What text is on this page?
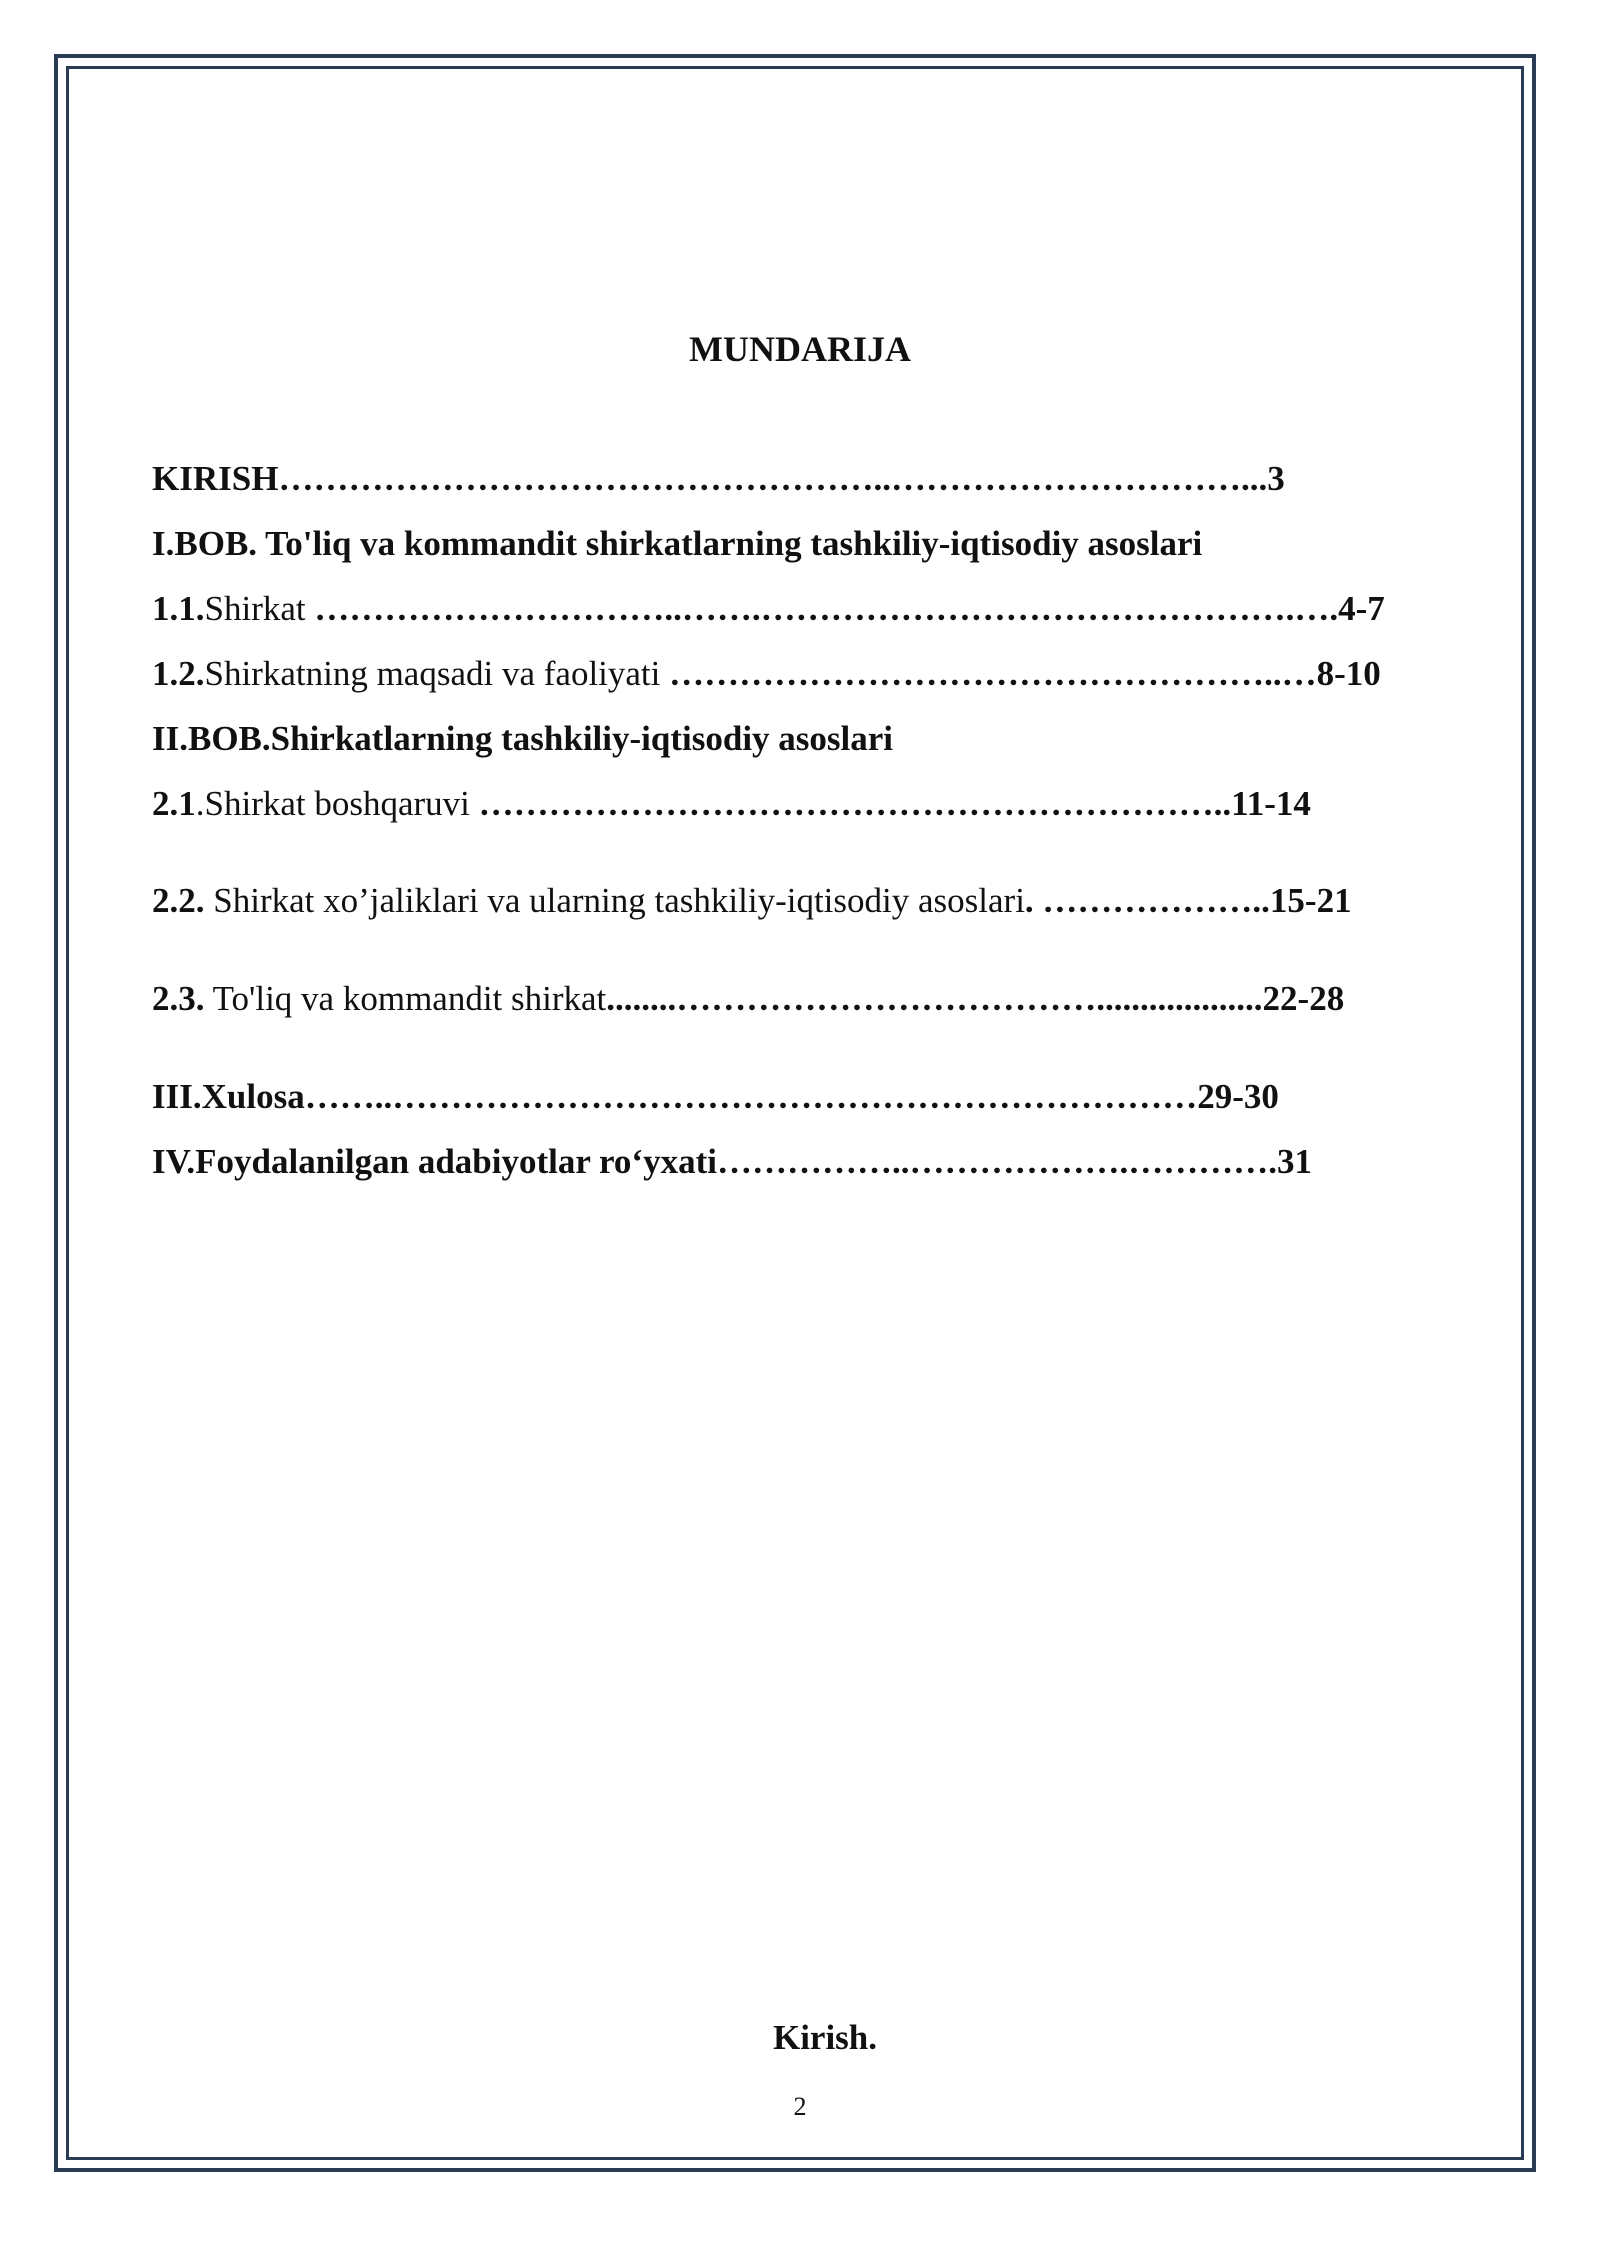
MUNDARIJA
KIRISH……………………………………………..…………………………...3
I.BOB. To'liq va kommandit shirkatlarning tashkiliy-iqtisodiy asoslari
1.1.Shirkat …………………………..…….……………………………………….….4-7
1.2.Shirkatning maqsadi va faoliyati ……………………………………………..…8-10
II.BOB.Shirkatlarning tashkiliy-iqtisodiy asoslari
2.1.Shirkat boshqaruvi ………………………………………………………..11-14
2.2. Shirkat xo’jaliklari va ularning tashkiliy-iqtisodiy asoslari. ………………..15-21
2.3. To'liq va kommandit shirkat........………………………………...................22-28
III.Xulosa……..……………………………………………………………29-30
IV.Foydalanilgan adabiyotlar ro‘yxati……………..……………….………….31
Kirish.
2
